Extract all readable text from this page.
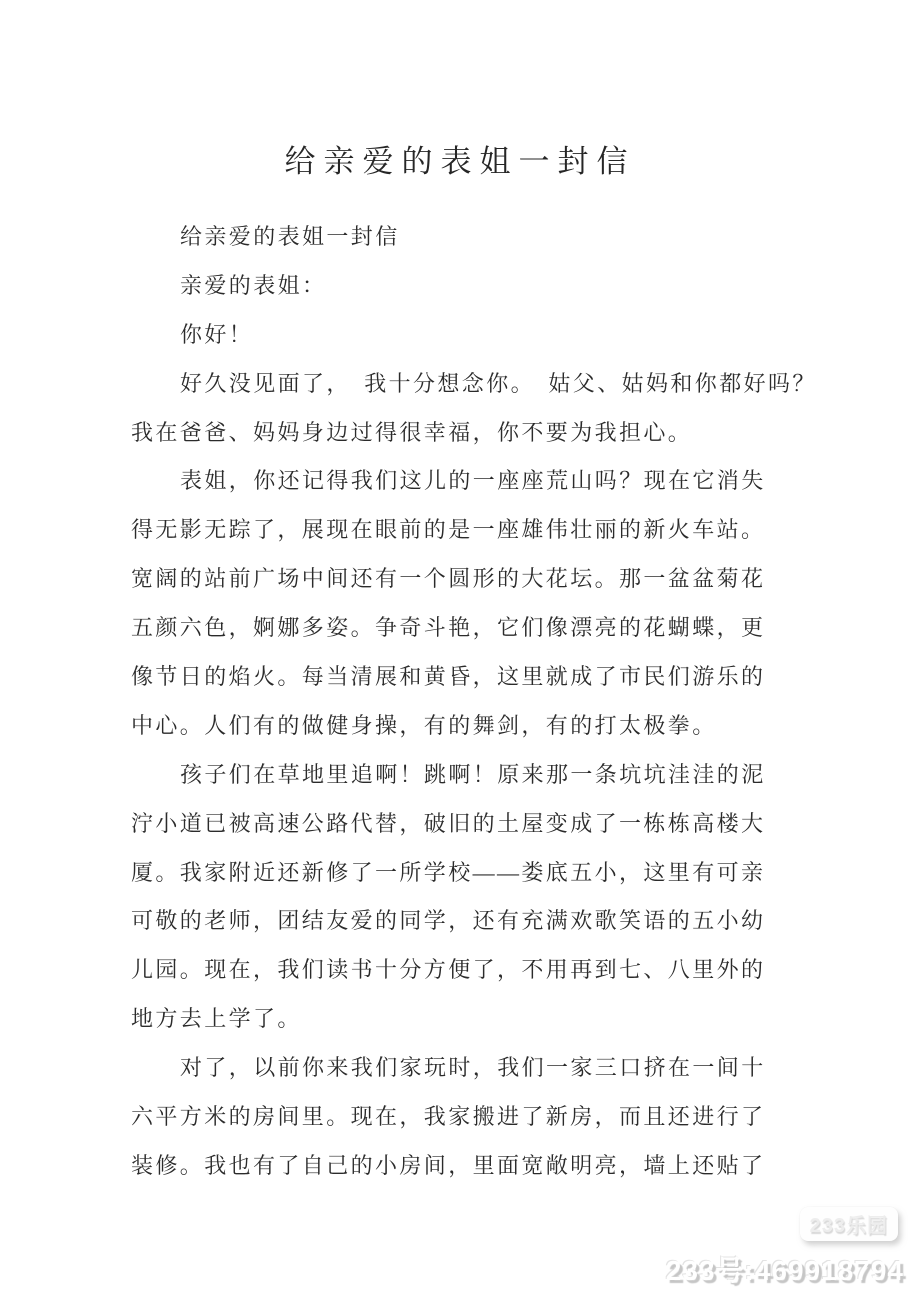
给亲爱的表姐一封信
给亲爱的表姐一封信
亲爱的表姐：
你好！
好久没见面了，　我十分想念你。　姑父、姑妈和你都好吗？
我在爸爸、妈妈身边过得很幸福，你不要为我担心。
表姐，你还记得我们这儿的一座座荒山吗？现在它消失
得无影无踪了，展现在眼前的是一座雄伟壮丽的新火车站。
宽阔的站前广场中间还有一个圆形的大花坛。那一盆盆菊花
五颜六色，婀娜多姿。争奇斗艳，它们像漂亮的花蝴蝶，更
像节日的焰火。每当清展和黄昏，这里就成了市民们游乐的
中心。人们有的做健身操，有的舞剑，有的打太极拳。
孩子们在草地里追啊！跳啊！原来那一条坑坑洼洼的泥
泞小道已被高速公路代替，破旧的土屋变成了一栋栋高楼大
厦。我家附近还新修了一所学校——娄底五小，这里有可亲
可敬的老师，团结友爱的同学，还有充满欢歌笑语的五小幼
儿园。现在，我们读书十分方便了，不用再到七、八里外的
地方去上学了。
对了，以前你来我们家玩时，我们一家三口挤在一间十
六平方米的房间里。现在，我家搬进了新房，而且还进行了
装修。我也有了自己的小房间，里面宽敞明亮，墙上还贴了
233乐园
233号:469918794
